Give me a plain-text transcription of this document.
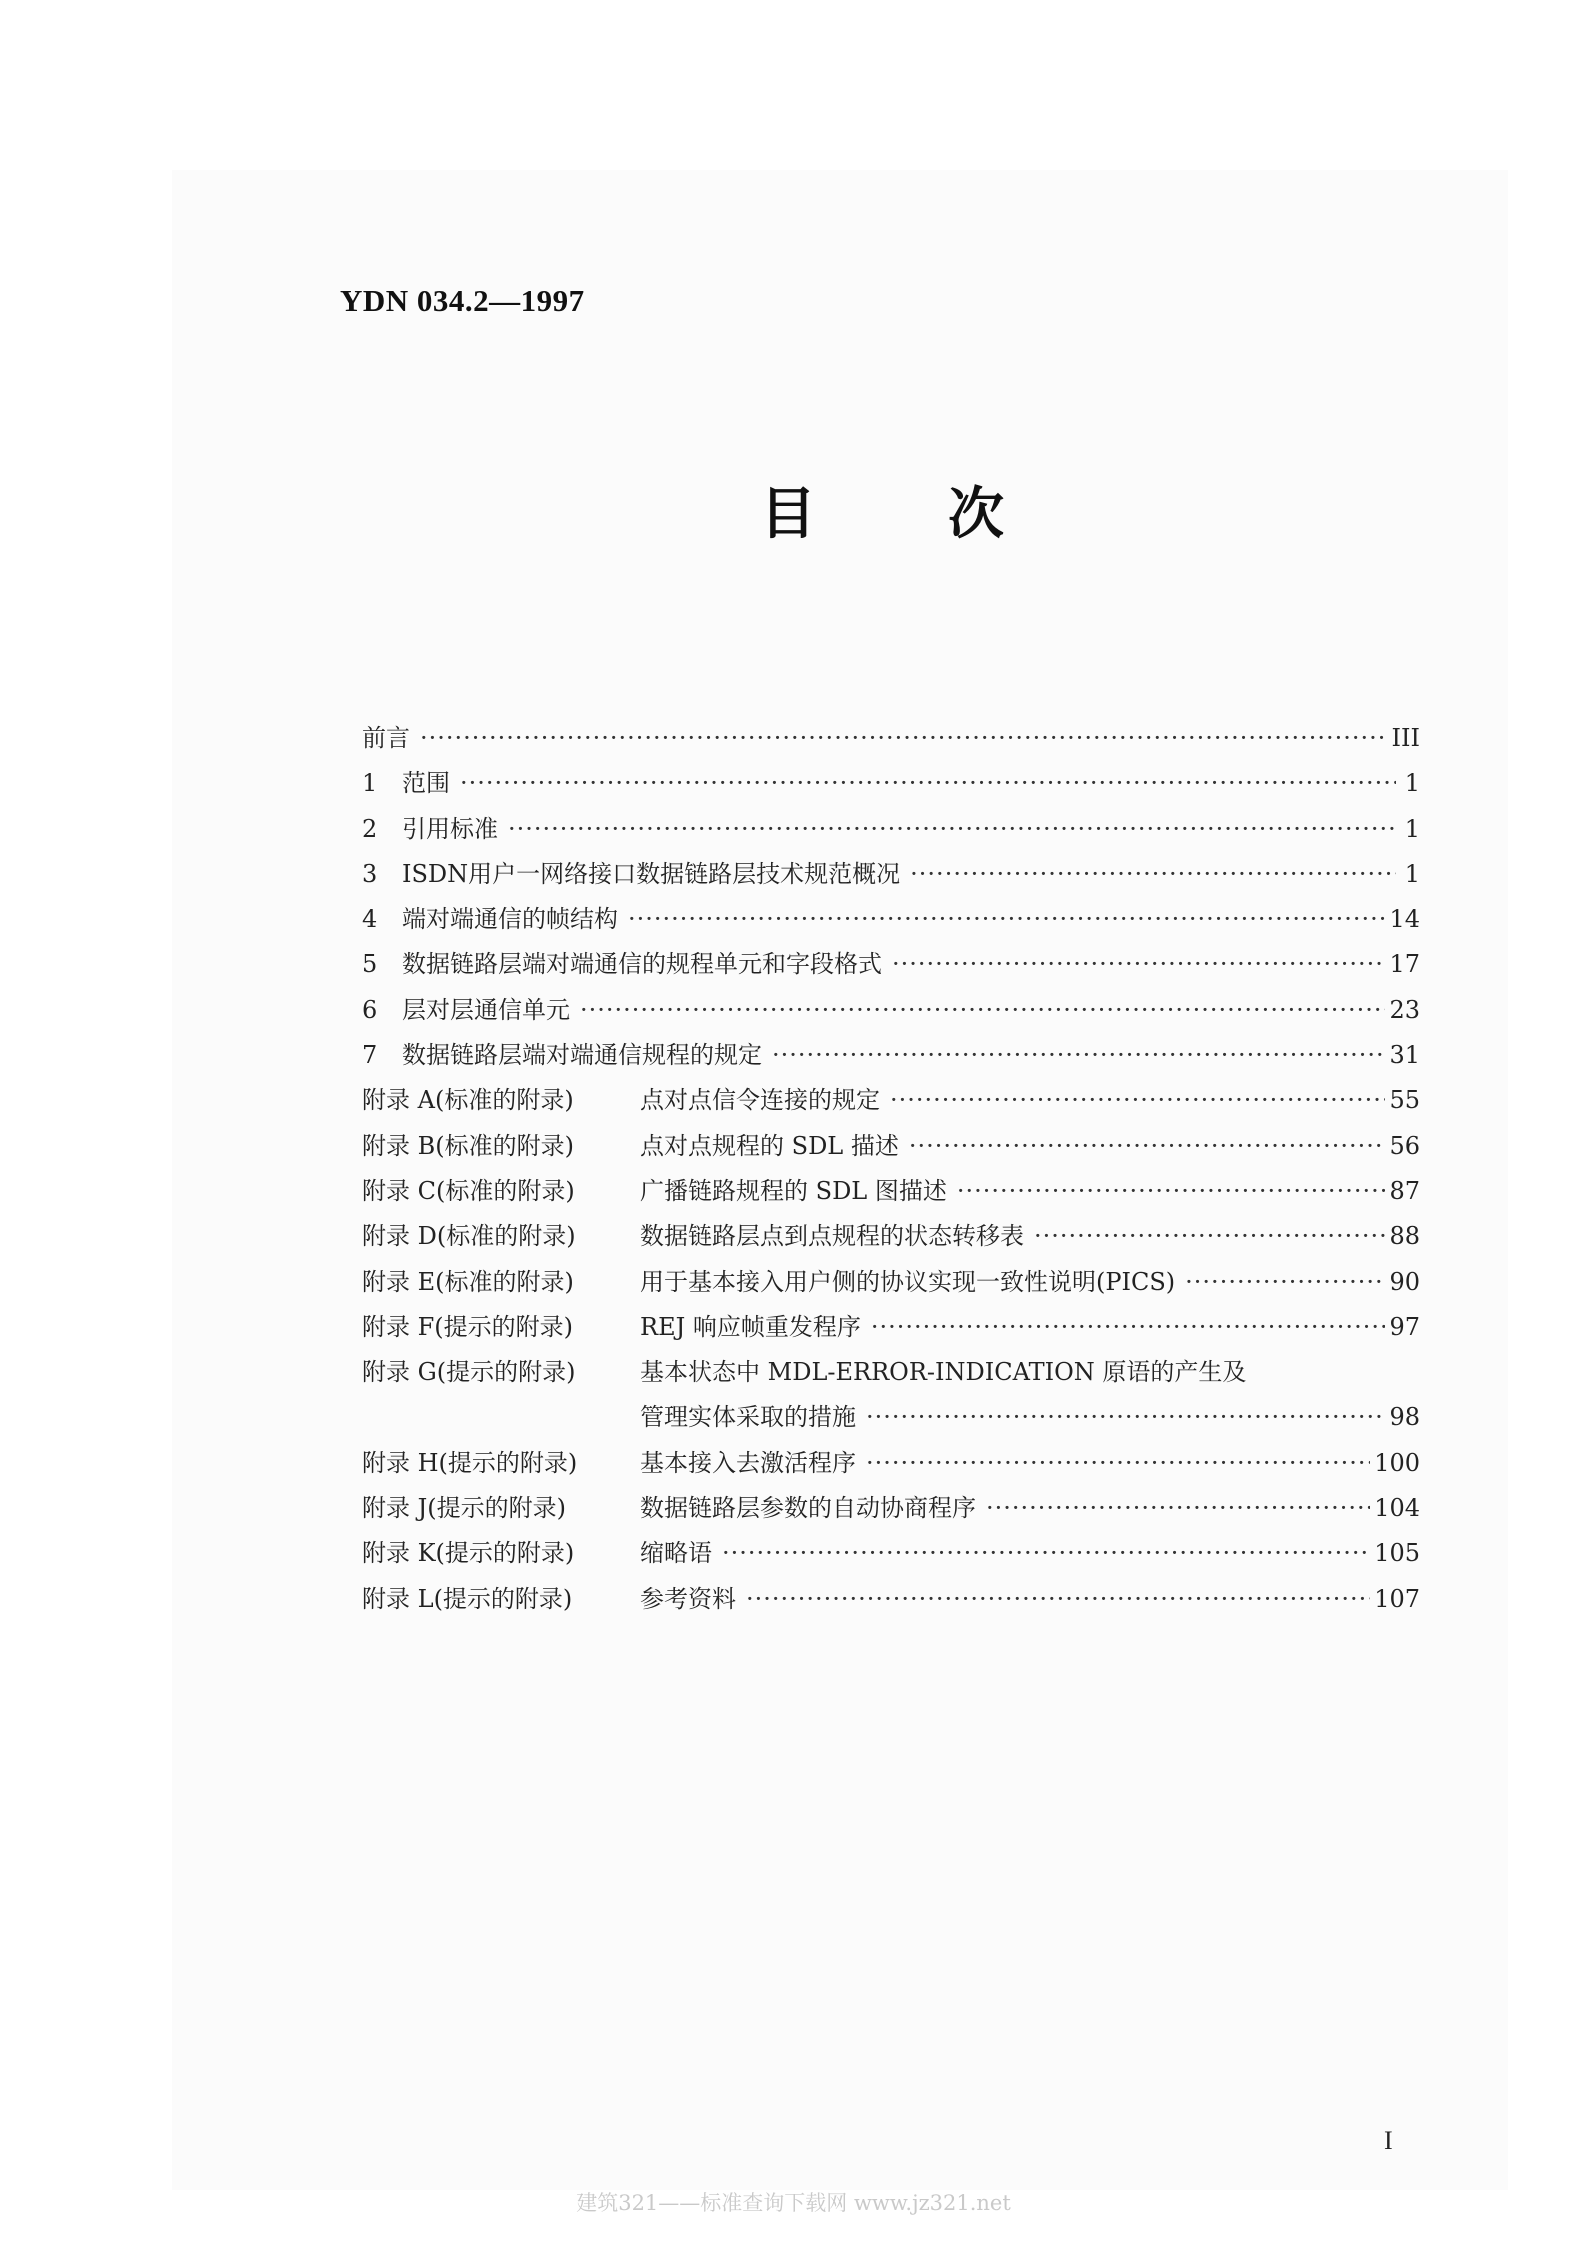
YDN 034.2—1997
目 次
前言 ·····	III
1	范围 ·····	1
2	引用标准 ·····	1
3	ISDN用户一网络接口数据链路层技术规范概况 ·····	1
4	端对端通信的帧结构 ·····	14
5	数据链路层端对端通信的规程单元和字段格式 ·····	17
6	层对层通信单元 ·····	23
7	数据链路层端对端通信规程的规定 ·····	31
附录 A(标准的附录)	点对点信令连接的规定 ·····	55
附录 B(标准的附录)	点对点规程的 SDL 描述 ·····	56
附录 C(标准的附录)	广播链路规程的 SDL 图描述 ·····	87
附录 D(标准的附录)	数据链路层点到点规程的状态转移表 ·····	88
附录 E(标准的附录)	用于基本接入用户侧的协议实现一致性说明(PICS) ·····	90
附录 F(提示的附录)	REJ 响应帧重发程序 ·····	97
附录 G(提示的附录)	基本状态中 MDL-ERROR-INDICATION 原语的产生及
管理实体采取的措施 ·····	98
附录 H(提示的附录)	基本接入去激活程序 ·····	100
附录 J(提示的附录)	数据链路层参数的自动协商程序 ·····	104
附录 K(提示的附录)	缩略语 ·····	105
附录 L(提示的附录)	参考资料 ·····	107
I
建筑321——标准查询下载网 www.jz321.net
